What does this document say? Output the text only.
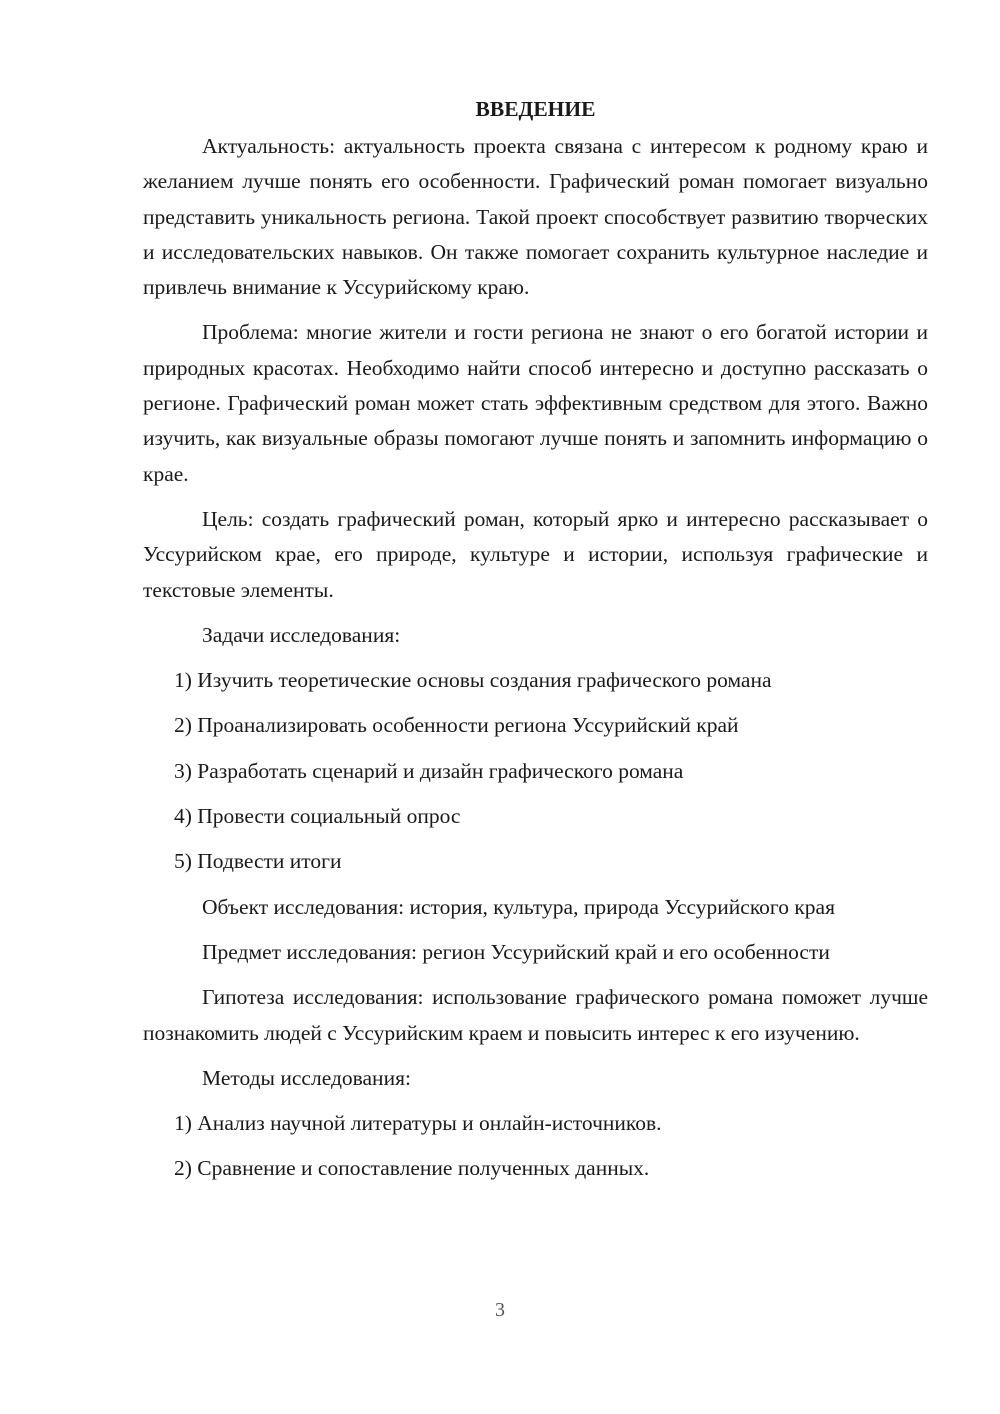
ВВЕДЕНИЕ

Актуальность: актуальность проекта связана с интересом к родному краю и желанием лучше понять его особенности. Графический роман помогает визуально представить уникальность региона. Такой проект способствует развитию творческих и исследовательских навыков. Он также помогает сохранить культурное наследие и привлечь внимание к Уссурийскому краю.

Проблема: многие жители и гости региона не знают о его богатой истории и природных красотах. Необходимо найти способ интересно и доступно рассказать о регионе. Графический роман может стать эффективным средством для этого. Важно изучить, как визуальные образы помогают лучше понять и запомнить информацию о крае.

Цель: создать графический роман, который ярко и интересно рассказывает о Уссурийском крае, его природе, культуре и истории, используя графические и текстовые элементы.

Задачи исследования:

1) Изучить теоретические основы создания графического романа

2) Проанализировать особенности региона Уссурийский край

3) Разработать сценарий и дизайн графического романа

4) Провести социальный опрос

5) Подвести итоги

Объект исследования: история, культура, природа Уссурийского края

Предмет исследования: регион Уссурийский край и его особенности

Гипотеза исследования: использование графического романа поможет лучше познакомить людей с Уссурийским краем и повысить интерес к его изучению.

Методы исследования:

1) Анализ научной литературы и онлайн-источников.

2) Сравнение и сопоставление полученных данных.

3
